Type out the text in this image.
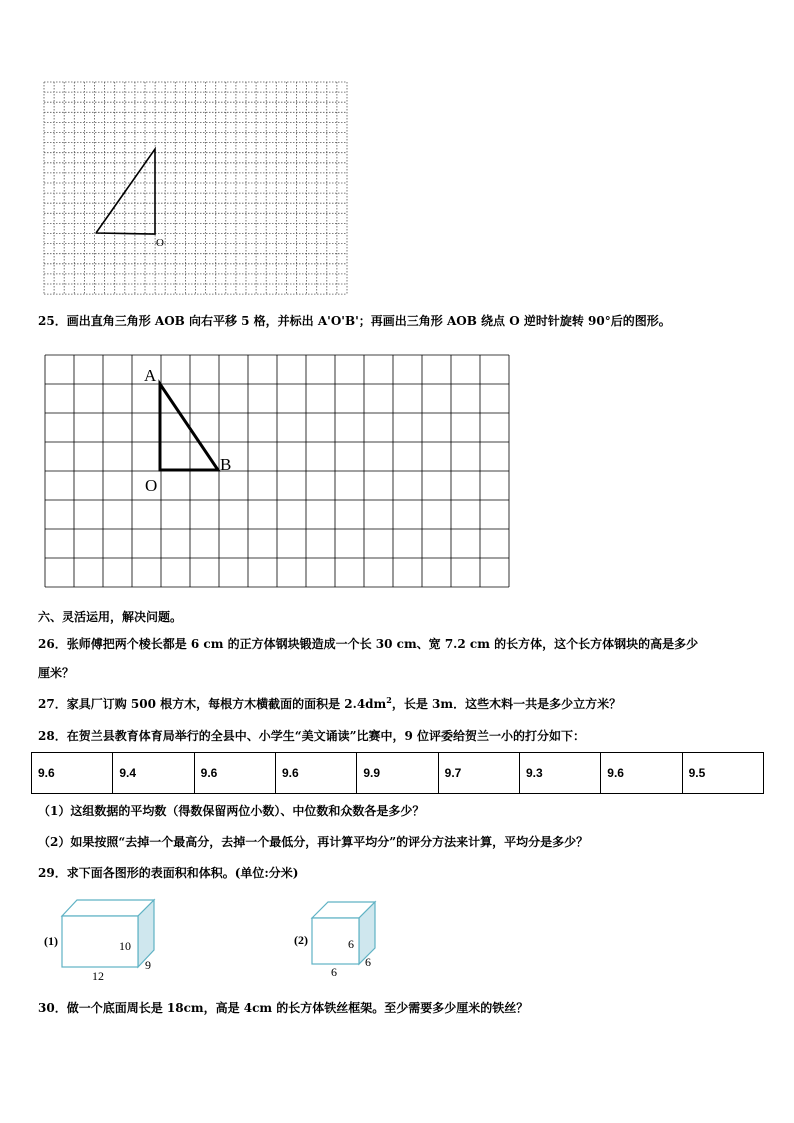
O
25．画出直角三角形 AOB 向右平移 5 格，并标出 A'O'B'；再画出三角形 AOB 绕点 O 逆时针旋转 90°后的图形。
A
O
B
六、灵活运用，解决问题。
26．张师傅把两个棱长都是 6 cm 的正方体钢块锻造成一个长 30 cm、宽 7.2 cm 的长方体，这个长方体钢块的高是多少
厘米？
27．家具厂订购 500 根方木，每根方木横截面的面积是 $2.4dm^2$，长是 3m．这些木料一共是多少立方米？
28．在贺兰县教育体育局举行的全县中、小学生“美文诵读”比赛中，9 位评委给贺兰一小的打分如下：
9.6	9.4	9.6	9.6	9.9	9.7	9.3	9.6	9.5
（1）这组数据的平均数（得数保留两位小数）、中位数和众数各是多少？
（2）如果按照“去掉一个最高分，去掉一个最低分，再计算平均分”的评分方法来计算，平均分是多少？
29．求下面各图形的表面积和体积。(单位:分米)
(1)	10
9
12
(2)	6
6
6
30．做一个底面周长是 18cm，高是 4cm 的长方体铁丝框架。至少需要多少厘米的铁丝？
